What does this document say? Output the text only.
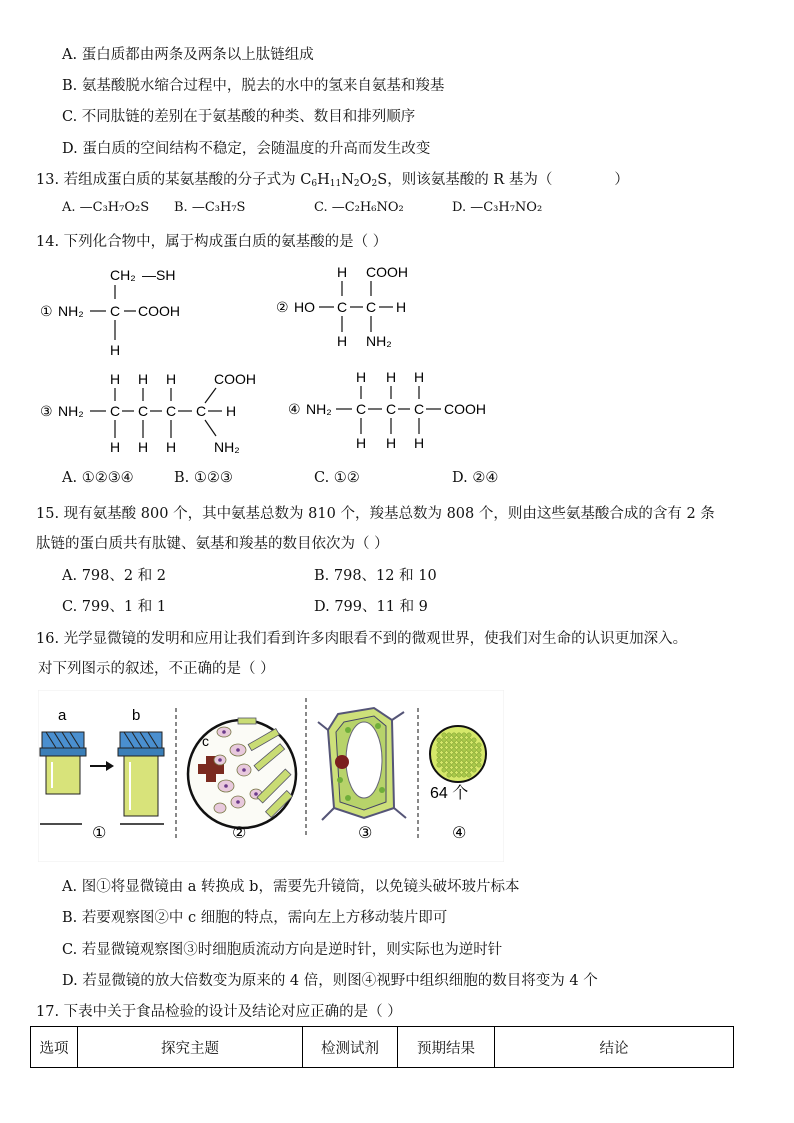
A. 蛋白质都由两条及两条以上肽链组成
B. 氨基酸脱水缩合过程中，脱去的水中的氢来自氨基和羧基
C. 不同肽链的差别在于氨基酸的种类、数目和排列顺序
D. 蛋白质的空间结构不稳定，会随温度的升高而发生改变
13. 若组成蛋白质的某氨基酸的分子式为 $C_6H_{11}N_2O_2S$，则该氨基酸的 R 基为（	）
A. —C₃H₇O₂S B. —C₃H₇S	C. —C₂H₆NO₂	D. —C₃H₇NO₂
14. 下列化合物中，属于构成蛋白质的氨基酸的是（ ）
CH₂ —SH
① NH₂ C COOH
H
② HO
H
C
H
COOH
C H
NH₂
③ NH₂
H H H	COOH
C C C C H
H H H	NH₂
④ NH₂
H H H
C C C COOH
H H H
A. ①②③④	B. ①②③	C. ①②	D. ②④
15. 现有氨基酸 800 个，其中氨基总数为 810 个，羧基总数为 808 个，则由这些氨基酸合成的含有 2 条
肽链的蛋白质共有肽键、氨基和羧基的数目依次为（ ）
A. 798、2 和 2	B. 798、12 和 10
C. 799、1 和 1	D. 799、11 和 9
16. 光学显微镜的发明和应用让我们看到许多肉眼看不到的微观世界，使我们对生命的认识更加深入。
对下列图示的叙述，不正确的是（ ）
a	b
①
c
②	③
64 个
④
A. 图①将显微镜由 a 转换成 b，需要先升镜筒，以免镜头破坏玻片标本
B. 若要观察图②中 c 细胞的特点，需向左上方移动装片即可
C. 若显微镜观察图③时细胞质流动方向是逆时针，则实际也为逆时针
D. 若显微镜的放大倍数变为原来的 4 倍，则图④视野中组织细胞的数目将变为 4 个
17. 下表中关于食品检验的设计及结论对应正确的是（ ）
选项	探究主题	检测试剂	预期结果	结论
